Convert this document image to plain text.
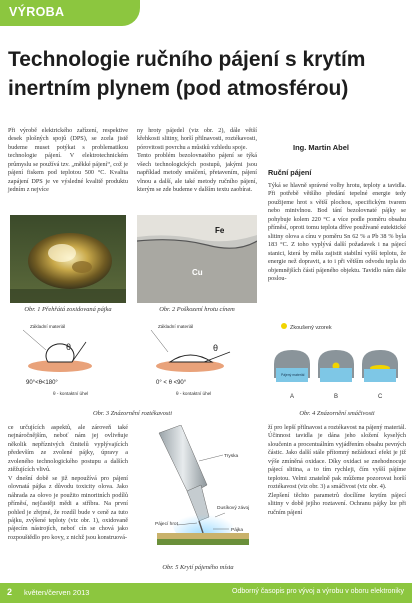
VÝROBA
Technologie ručního pájení s krytím
inertním plynem (pod atmosférou)
Při výrobě elektrického zařízení, respektive desek plošných spojů (DPS), se zcela jistě budeme muset potýkat s problematikou technologie pájení. V elektrotechnickém průmyslu se používá tzv. „měkké pájení“, což je pájení fiskem pod teplotou 500 °C. Kvalita zapájení DPS je ve výsledné kvalitě produktu jedním z nejvíce
ny hroty pájedel (viz obr. 2), dále větší křehkosti slitiny, horší přilnavosti, roztékavosti, pórovitosti povrchu a můstků vzhledu spoje.
Tento problém bezolovnatého pájení se týká všech technologických postupů, jakými jsou například metody smáčení, přetavením, pájení vlnou a další, ale také metody ručního pájení, kterým se zde budeme v dalším textu zaobírat.
Ing. Martin Abel
Ruční pájení
Týká se hlavně správné volby hrotu, teploty a tavidla. Při potřebě většího předání tepelné energie tedy použijeme hrot s větší plochou, specifickým tvarem nebo minivlnou. Bod tání bezolovnaté pájky se pohybuje kolem 220 °C a více podle poměru obsahu příměsí, oproti tomu teplota dříve používané eutektické slitiny olova a cínu v poměru Sn 62 % a Pb 38 % byla 183 °C. Z toho vyplývá další požadavek i na pájecí stanici, která by měla zajistit stabilní vyšší teplotu, že energie než dopravit, a to i při větším odvodu tepla do objemnějších částí pájeného objektu. Tavidlo nám dále poslou-
Obr. 1 Přehřátá zoxidovaná pájka
Fe
Cu
Obr. 2 Poškození hrotu cínem
Základní materiál
θ
90°<θ<180°
θ - kontaktní úhel
Základní materiál
θ
0° < θ <90°
θ - kontaktní úhel
Obr. 3 Znázornění roztékavosti
Zkoušený vzorek
Pájený materiál
A	B	C
Obr. 4 Znázornění smáčivosti
ce určujících aspektů, ale zároveň také nejnáročnějším, neboť nám jej ovlivňuje několik nepříznivých činitelů vyplývajících především ze zvolené pájky, úpravy a zvoleného technologického postupu a dalších ztěžujících vlivů.
V dnešní době se již nepoužívá pro pájení olovnatá pájka z důvodu toxicity olova. Jako náhrada za olovo je použito minoritních podílů příměsí, nejčastěji mědi a stříbra. Na první pohled je zřejmé, že rozdíl bude v ceně za tuto pájku, zvýšené teploty (viz obr. 1), oxidovaně pájecím nástrojích, neboť cín se chová jako rozpouštědlo pro kovy, z nichž jsou konstruová-
Tryska
Dusíkový závoj
Pájecí hrot
Pájka
Obr. 5 Krytí pájeného místa
ží pro lepší přilnavost a roztékavost na pájený materiál. Účinnost tavidla je dána jeho složení kyselých sloučenin a procentuálním vyjádřením obsahu pevných částic. Jako další stále přítomný nežádoucí efekt je již výše zmíněná oxidace. Díky oxidaci se znehodnocuje pájecí slitina, a to tím rychleji, čím vyšší pájíme teplotou. Velmi znatelně pak můžeme pozorovat horší roztékavost (viz obr. 3) a smáčivost (viz obr. 4).
Zlepšení těchto parametrů docílíme krytím pájecí slitiny v době jejího roztavení. Ochranu pájky lze při ručním pájení
2 květen/červen 2013	Odborný časopis pro vývoj a výrobu v oboru elektroniky
